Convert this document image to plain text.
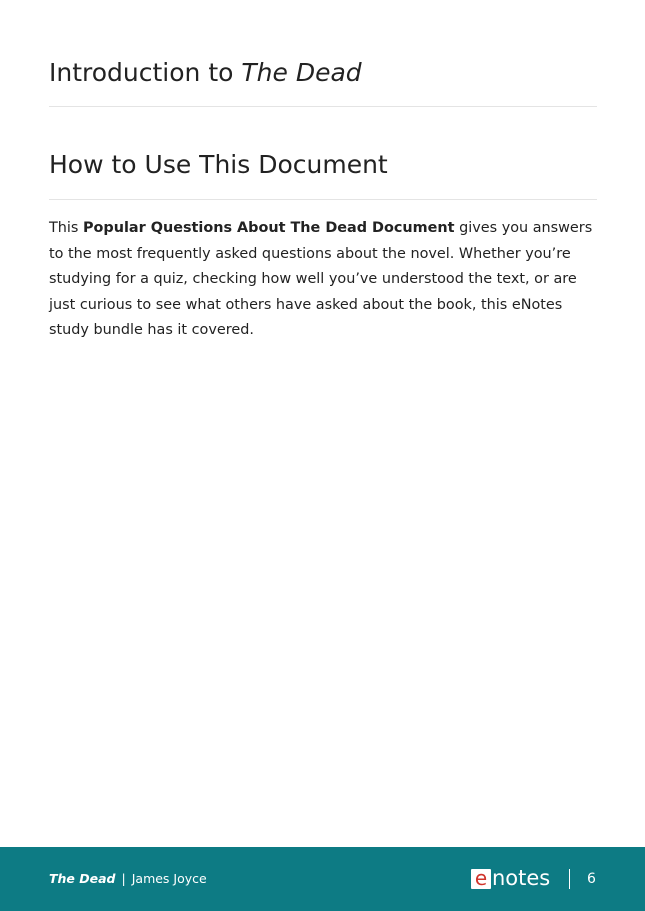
Introduction to The Dead
How to Use This Document

This Popular Questions About The Dead Document gives you answers to the most frequently asked questions about the novel. Whether you’re studying for a quiz, checking how well you’ve understood the text, or are just curious to see what others have asked about the book, this eNotes study bundle has it covered.

The Dead | James Joyce	e notes	6
